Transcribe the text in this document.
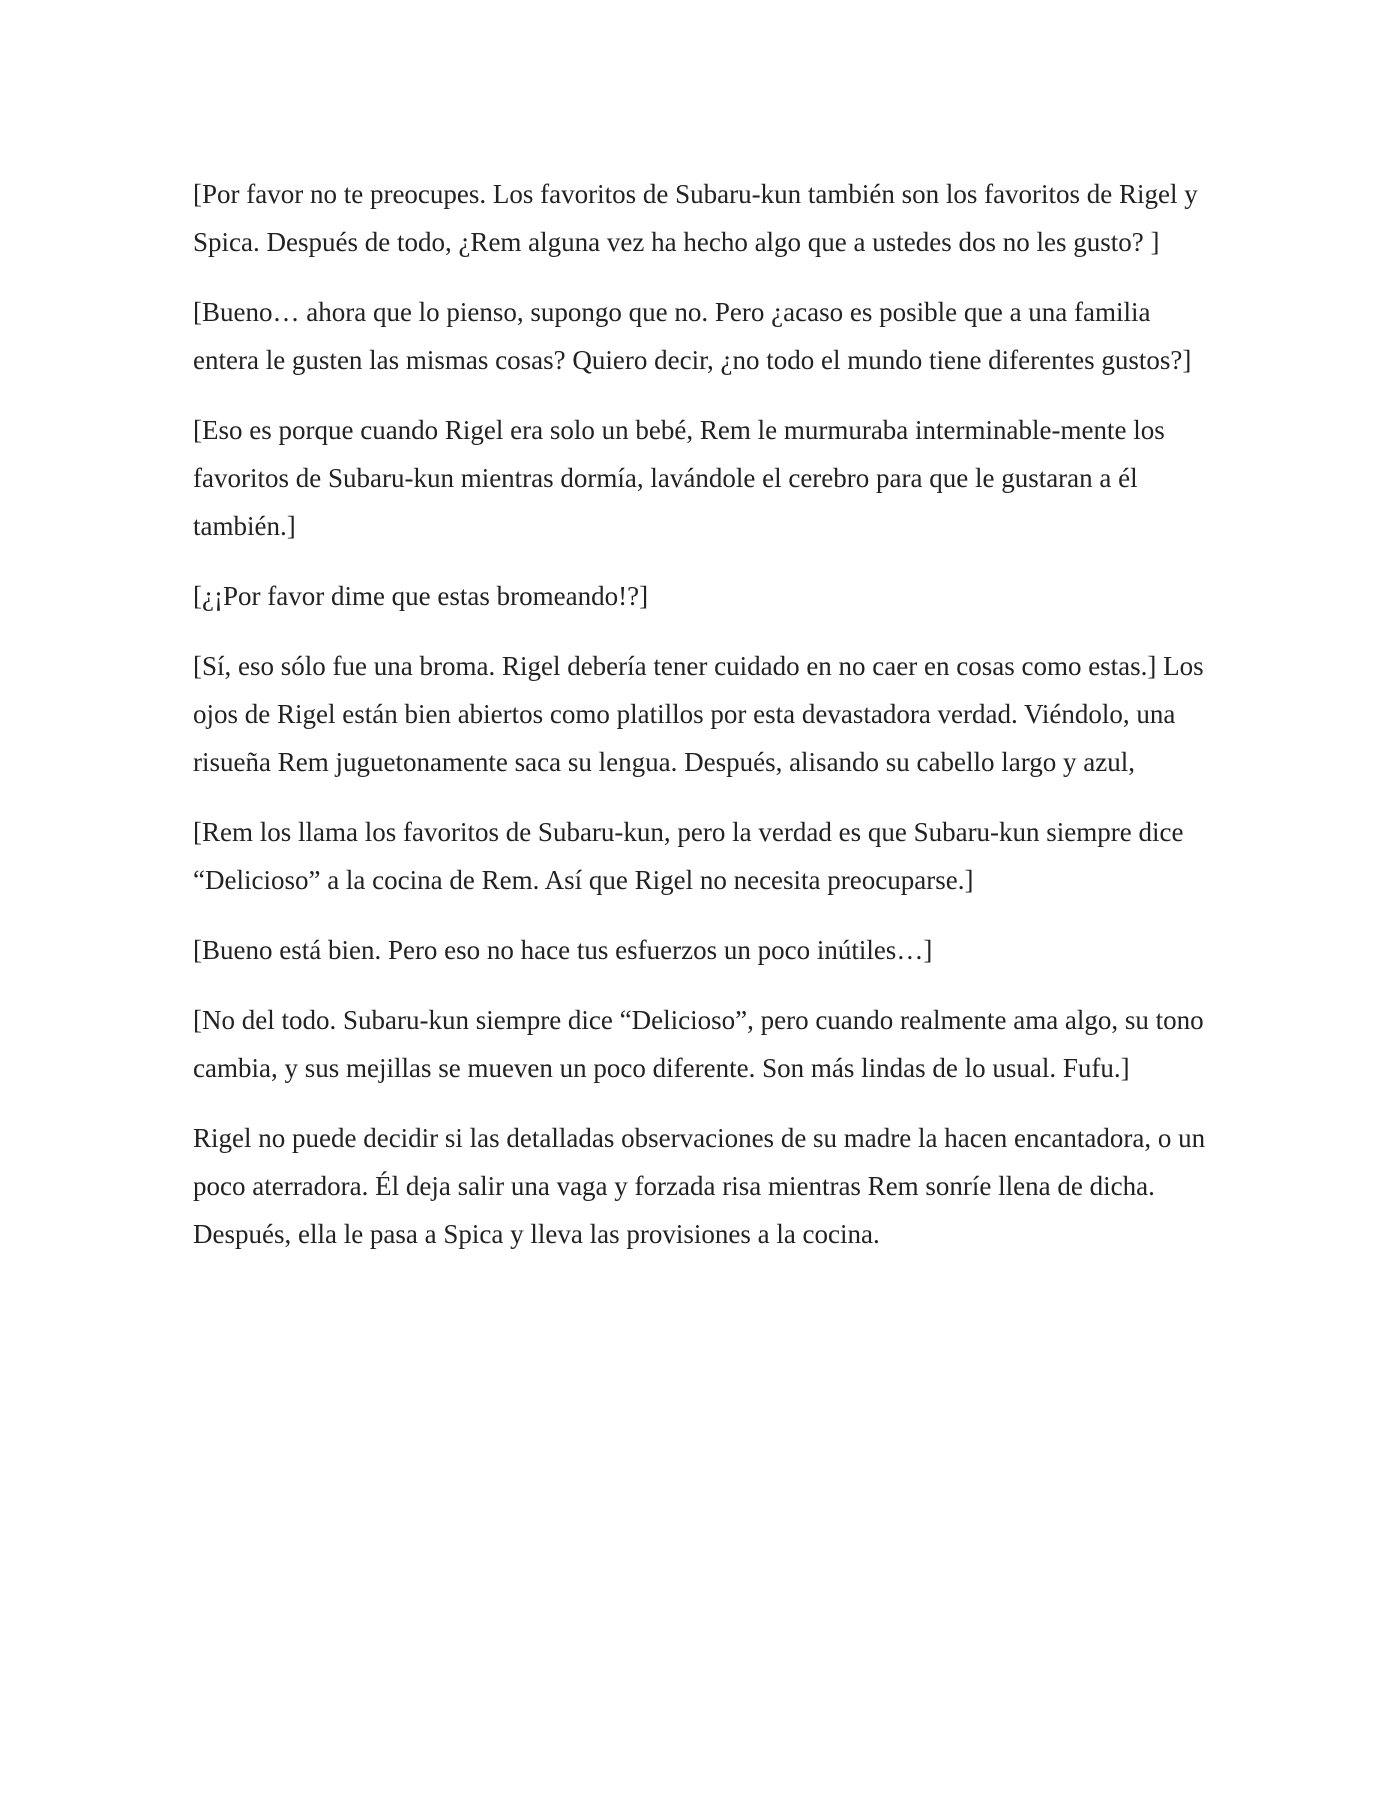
[Por favor no te preocupes. Los favoritos de Subaru-kun también son los favoritos de Rigel y Spica. Después de todo, ¿Rem alguna vez ha hecho algo que a ustedes dos no les gusto? ]

[Bueno… ahora que lo pienso, supongo que no. Pero ¿acaso es posible que a una familia entera le gusten las mismas cosas? Quiero decir, ¿no todo el mundo tiene diferentes gustos?]

[Eso es porque cuando Rigel era solo un bebé, Rem le murmuraba interminable-mente los favoritos de Subaru-kun mientras dormía, lavándole el cerebro para que le gustaran a él también.]

[¿¡Por favor dime que estas bromeando!?]

[Sí, eso sólo fue una broma. Rigel debería tener cuidado en no caer en cosas como estas.] Los ojos de Rigel están bien abiertos como platillos por esta devastadora verdad. Viéndolo, una risueña Rem juguetonamente saca su lengua. Después, alisando su cabello largo y azul,

[Rem los llama los favoritos de Subaru-kun, pero la verdad es que Subaru-kun siempre dice “Delicioso” a la cocina de Rem. Así que Rigel no necesita preocuparse.]

[Bueno está bien. Pero eso no hace tus esfuerzos un poco inútiles…]

[No del todo. Subaru-kun siempre dice “Delicioso”, pero cuando realmente ama algo, su tono cambia, y sus mejillas se mueven un poco diferente. Son más lindas de lo usual. Fufu.]

Rigel no puede decidir si las detalladas observaciones de su madre la hacen encantadora, o un poco aterradora. Él deja salir una vaga y forzada risa mientras Rem sonríe llena de dicha. Después, ella le pasa a Spica y lleva las provisiones a la cocina.
